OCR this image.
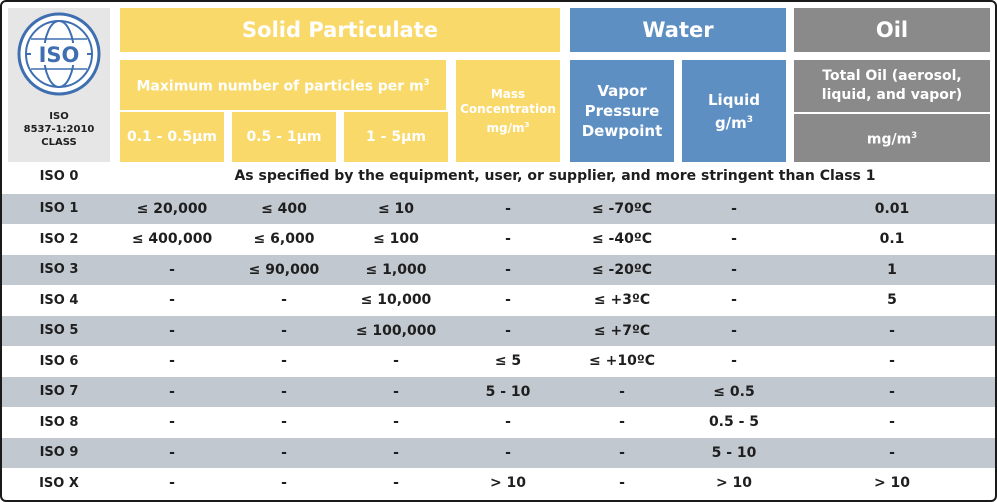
ISO
ISO
8537-1:2010
CLASS
Solid Particulate	Water	Oil
Maximum number of particles per $m^3$
0.1 - 0.5µm	0.5 - 1µm	1 - 5µm
Mass
Concentration
$mg/m^3$
Vapor
Pressure
Dewpoint
Liquid
$g/m^3$
Total Oil (aerosol,
liquid, and vapor)
$mg/m^3$
ISO 0	As specified by the equipment, user, or supplier, and more stringent than Class 1
ISO 1	≤ 20,000	≤ 400	≤ 10	-	≤ -70ºC	-	0.01
ISO 2	≤ 400,000	≤ 6,000	≤ 100	-	≤ -40ºC	-	0.1
ISO 3	-	≤ 90,000	≤ 1,000	-	≤ -20ºC	-	1
ISO 4	-	-	≤ 10,000	-	≤ +3ºC	-	5
ISO 5	-	-	≤ 100,000	-	≤ +7ºC	-	-
ISO 6	-	-	-	≤ 5	≤ +10ºC	-	-
ISO 7	-	-	-	5 - 10	-	≤ 0.5	-
ISO 8	-	-	-	-	-	0.5 - 5	-
ISO 9	-	-	-	-	-	5 - 10	-
ISO X	-	-	-	> 10	-	> 10	> 10
